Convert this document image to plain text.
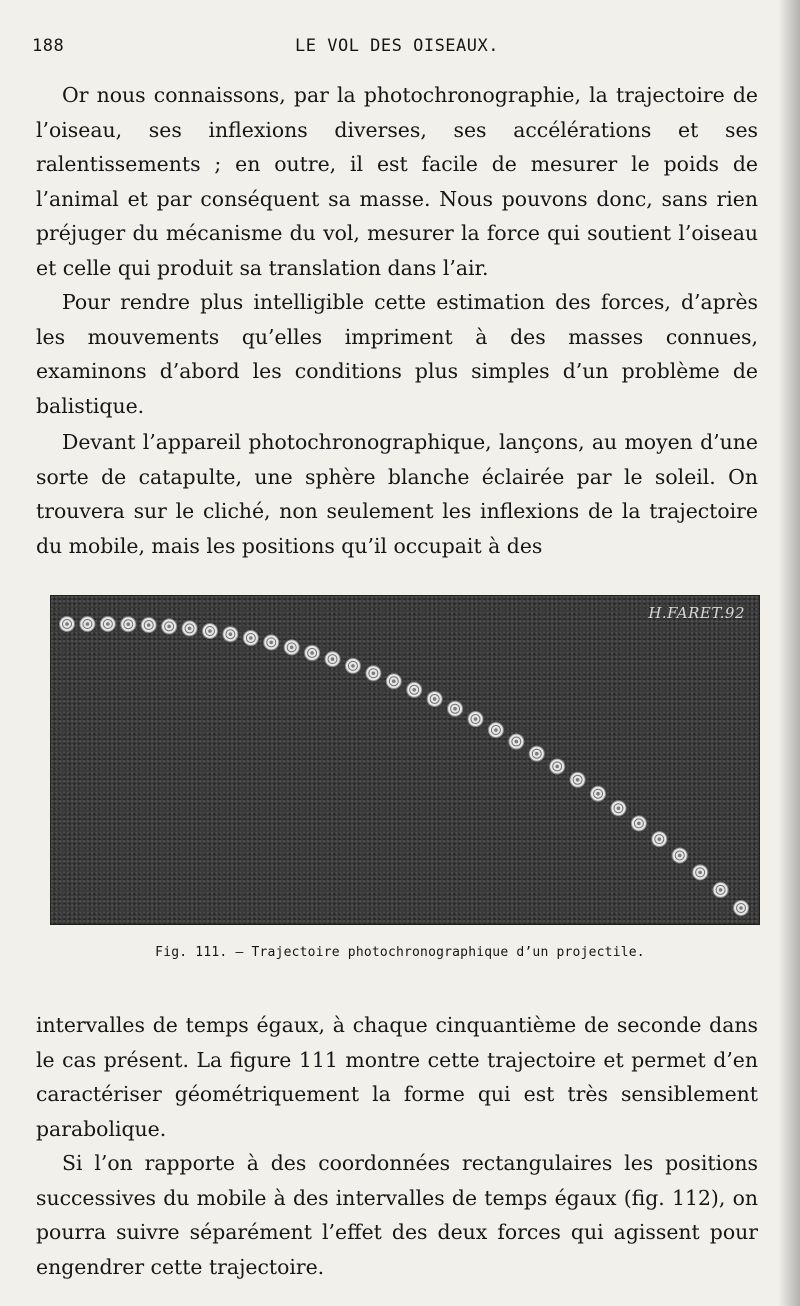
188	LE VOL DES OISEAUX.

Or nous connaissons, par la photochronographie, la trajectoire de l’oiseau, ses inflexions diverses, ses accélérations et ses ralentissements ; en outre, il est facile de mesurer le poids de l’animal et par conséquent sa masse. Nous pouvons donc, sans rien préjuger du mécanisme du vol, mesurer la force qui soutient l’oiseau et celle qui produit sa translation dans l’air.

Pour rendre plus intelligible cette estimation des forces, d’après les mouvements qu’elles impriment à des masses connues, examinons d’abord les conditions plus simples d’un problème de balistique.

Devant l’appareil photochronographique, lançons, au moyen d’une sorte de catapulte, une sphère blanche éclairée par le soleil. On trouvera sur le cliché, non seulement les inflexions de la trajectoire du mobile, mais les positions qu’il occupait à des

H.FARET.92
Fig. 111. — Trajectoire photochronographique d’un projectile.

intervalles de temps égaux, à chaque cinquantième de seconde dans le cas présent. La figure 111 montre cette trajectoire et permet d’en caractériser géométriquement la forme qui est très sensiblement parabolique.

Si l’on rapporte à des coordonnées rectangulaires les positions successives du mobile à des intervalles de temps égaux (fig. 112), on pourra suivre séparément l’effet des deux forces qui agissent pour engendrer cette trajectoire.
